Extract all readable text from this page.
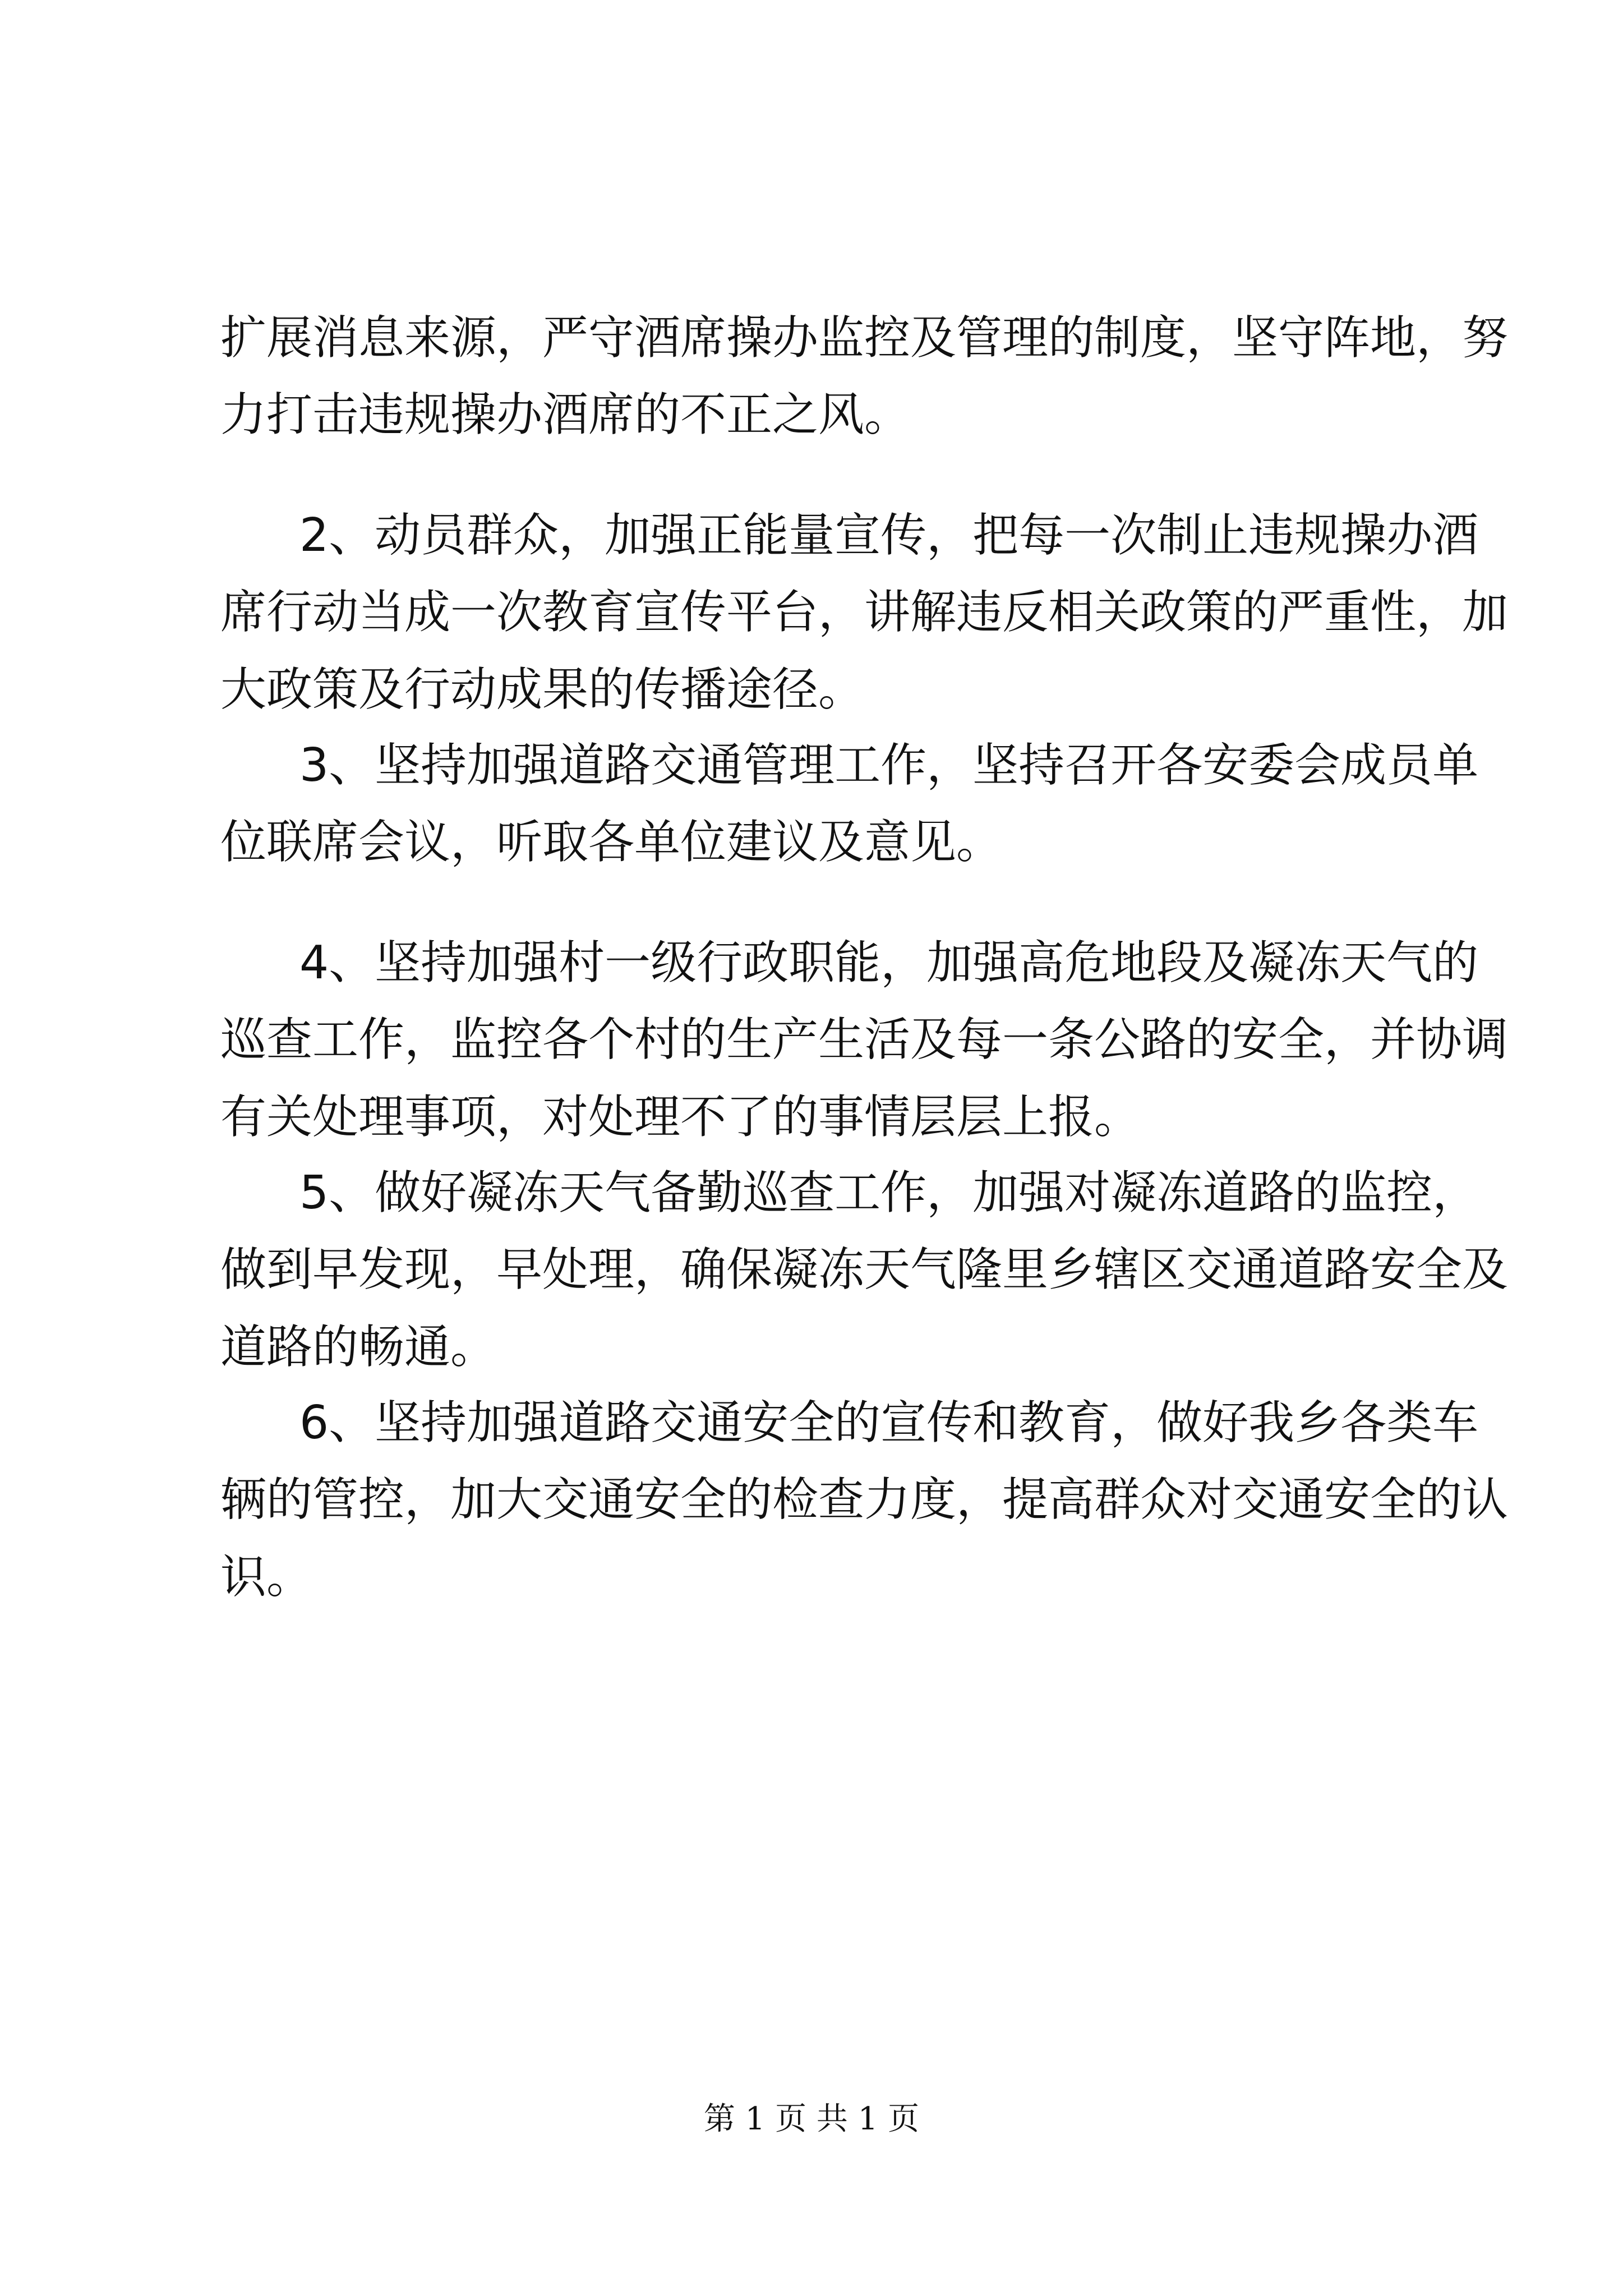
扩展消息来源，严守酒席操办监控及管理的制度，坚守阵地，努
力打击违规操办酒席的不正之风。
2、动员群众，加强正能量宣传，把每一次制止违规操办酒
席行动当成一次教育宣传平台，讲解违反相关政策的严重性，加
大政策及行动成果的传播途径。
3、坚持加强道路交通管理工作，坚持召开各安委会成员单
位联席会议，听取各单位建议及意见。
4、坚持加强村一级行政职能，加强高危地段及凝冻天气的
巡查工作，监控各个村的生产生活及每一条公路的安全，并协调
有关处理事项，对处理不了的事情层层上报。
5、做好凝冻天气备勤巡查工作，加强对凝冻道路的监控，
做到早发现，早处理，确保凝冻天气隆里乡辖区交通道路安全及
道路的畅通。
6、坚持加强道路交通安全的宣传和教育，做好我乡各类车
辆的管控，加大交通安全的检查力度，提高群众对交通安全的认
识。
第 1 页 共 1 页
